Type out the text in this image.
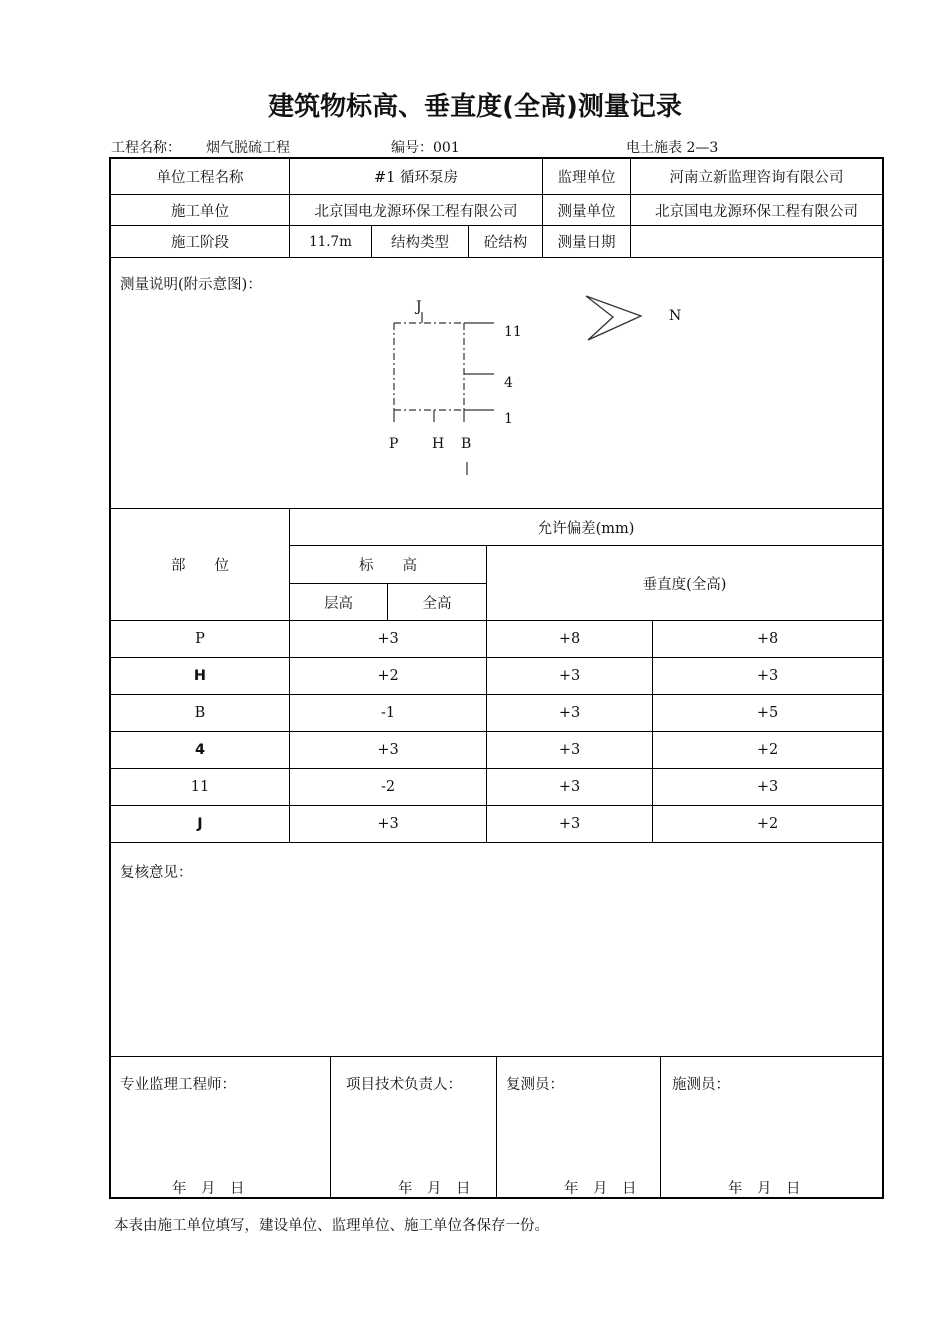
建筑物标高、垂直度(全高)测量记录
工程名称： 烟气脱硫工程	编号：001	电土施表 2—3
单位工程名称	#1 循环泵房	监理单位	河南立新监理咨询有限公司
施工单位	北京国电龙源环保工程有限公司	测量单位	北京国电龙源环保工程有限公司
施工阶段	11.7m	结构类型	砼结构	测量日期
测量说明(附示意图)：
J
11
4
1
P H B
N
允许偏差(mm)
部　　位	标　　高
层高	全高
垂直度(全高)
P	+3	+8	+8
H	+2	+3	+3
B	-1	+3	+5
4	+3	+3	+2
11	-2	+3	+3
J	+3	+3	+2
复核意见：
专业监理工程师：	项目技术负责人：	复测员：	施测员：
年　月　日	年　月　日	年　月　日	年　月　日
本表由施工单位填写，建设单位、监理单位、施工单位各保存一份。
